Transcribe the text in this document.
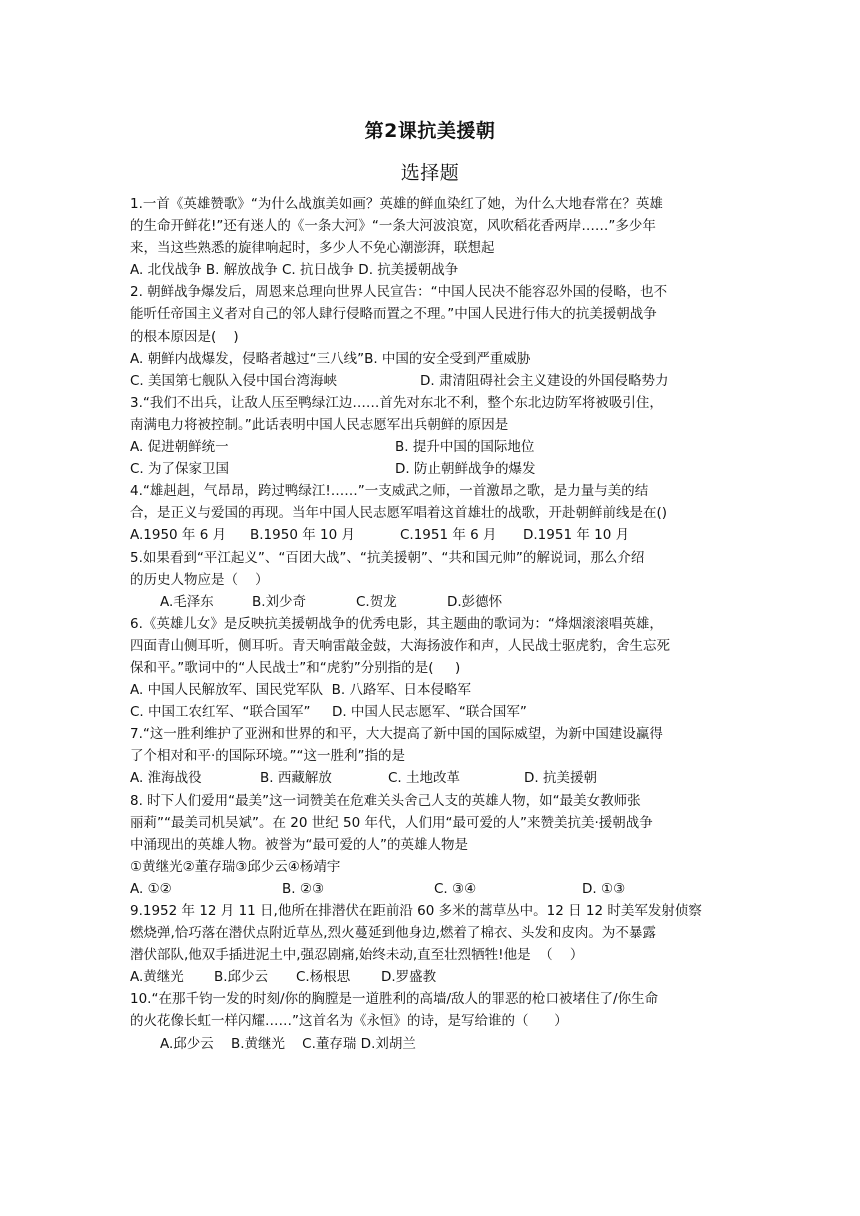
第2课抗美援朝
选择题
1.一首《英雄赞歌》“为什么战旗美如画？英雄的鲜血染红了她，为什么大地春常在？英雄
的生命开鲜花!”还有迷人的《一条大河》“一条大河波浪宽，风吹稻花香两岸……”多少年
来，当这些熟悉的旋律响起时，多少人不免心潮澎湃，联想起
A. 北伐战争 B. 解放战争 C. 抗日战争 D. 抗美援朝战争
2. 朝鲜战争爆发后，周恩来总理向世界人民宣告：“中国人民决不能容忍外国的侵略，也不
能听任帝国主义者对自己的邻人肆行侵略而置之不理。”中国人民进行伟大的抗美援朝战争
的根本原因是(    )
A. 朝鲜内战爆发，侵略者越过“三八线”B. 中国的安全受到严重威胁
C. 美国第七舰队入侵中国台湾海峡	D. 肃清阻碍社会主义建设的外国侵略势力
3.“我们不出兵，让敌人压至鸭绿江边……首先对东北不利，整个东北边防军将被吸引住，
南满电力将被控制。”此话表明中国人民志愿军出兵朝鲜的原因是
A. 促进朝鲜统一	B. 提升中国的国际地位
C. 为了保家卫国	D. 防止朝鲜战争的爆发
4.“雄赳赳，气昂昂，跨过鸭绿江!……”一支威武之师，一首激昂之歌，是力量与美的结
合，是正义与爱国的再现。当年中国人民志愿军唱着这首雄壮的战歌，开赴朝鲜前线是在()
A.1950 年 6 月	B.1950 年 10 月	C.1951 年 6 月	D.1951 年 10 月
5.如果看到“平江起义”、“百团大战”、“抗美援朝”、“共和国元帅”的解说词，那么介绍
的历史人物应是（    ）
A.毛泽东	B.刘少奇	C.贺龙	D.彭德怀
6.《英雄儿女》是反映抗美援朝战争的优秀电影，其主题曲的歌词为：“烽烟滚滚唱英雄，
四面青山侧耳听，侧耳听。青天响雷敲金鼓，大海扬波作和声，人民战士驱虎豹，舍生忘死
保和平。”歌词中的“人民战士”和“虎豹”分别指的是(     )
A. 中国人民解放军、国民党军队  B. 八路军、日本侵略军
C. 中国工农红军、“联合国军”     D. 中国人民志愿军、“联合国军”
7.“这一胜利维护了亚洲和世界的和平，大大提高了新中国的国际威望，为新中国建设赢得
了个相对和平·的国际环境。”“这一胜利”指的是
A. 淮海战役	B. 西藏解放	C. 土地改革	D. 抗美援朝
8. 时下人们爱用“最美”这一词赞美在危难关头舍己人支的英雄人物，如“最美女教师张
丽莉”“最美司机吴斌”。在 20 世纪 50 年代，人们用“最可爱的人”来赞美抗美·援朝战争
中涌现出的英雄人物。被誉为“最可爱的人”的英雄人物是
①黄继光②董存瑞③邱少云④杨靖宇
A. ①②	B. ②③	C. ③④	D. ①③
9.1952 年 12 月 11 日,他所在排潜伏在距前沿 60 多米的蒿草丛中。12 日 12 时美军发射侦察
燃烧弹,恰巧落在潜伏点附近草丛,烈火蔓延到他身边,燃着了棉衣、头发和皮肉。为不暴露
潜伏部队,他双手插进泥土中,强忍剧痛,始终未动,直至壮烈牺牲!他是  （    ）
A.黄继光	B.邱少云	C.杨根思	D.罗盛教
10.“在那千钧一发的时刻/你的胸膛是一道胜利的高墙/敌人的罪恶的枪口被堵住了/你生命
的火花像长虹一样闪耀……”这首名为《永恒》的诗，是写给谁的（      ）
A.邱少云    B.黄继光    C.董存瑞 D.刘胡兰
